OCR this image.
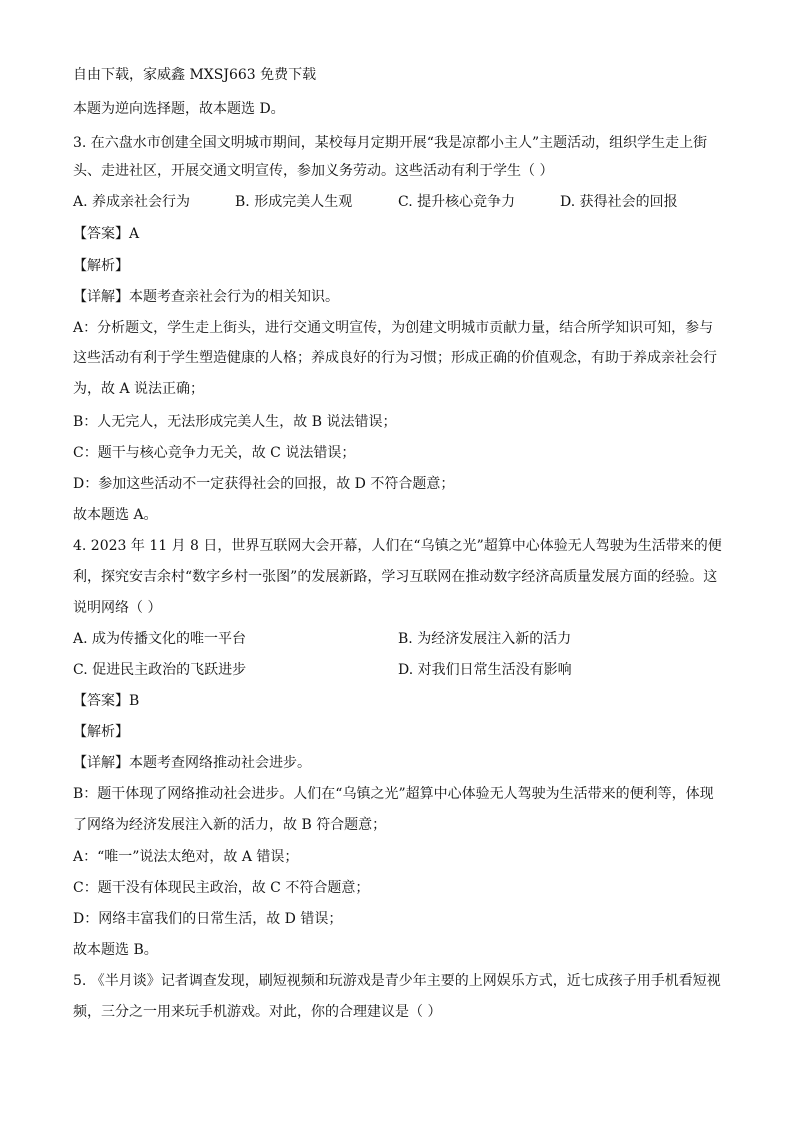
自由下载，家威鑫 MXSJ663 免费下载
本题为逆向选择题，故本题选 D。
3. 在六盘水市创建全国文明城市期间，某校每月定期开展“我是凉都小主人”主题活动，组织学生走上街
头、走进社区，开展交通文明宣传，参加义务劳动。这些活动有利于学生（ ）
A. 养成亲社会行为	B. 形成完美人生观	C. 提升核心竞争力	D. 获得社会的回报
【答案】A
【解析】
【详解】本题考查亲社会行为的相关知识。
A：分析题文，学生走上街头，进行交通文明宣传，为创建文明城市贡献力量，结合所学知识可知，参与
这些活动有利于学生塑造健康的人格；养成良好的行为习惯；形成正确的价值观念，有助于养成亲社会行
为，故 A 说法正确；
B：人无完人，无法形成完美人生，故 B 说法错误；
C：题干与核心竞争力无关，故 C 说法错误；
D：参加这些活动不一定获得社会的回报，故 D 不符合题意；
故本题选 A。
4. 2023 年 11 月 8 日，世界互联网大会开幕，人们在“乌镇之光”超算中心体验无人驾驶为生活带来的便
利，探究安吉余村“数字乡村一张图”的发展新路，学习互联网在推动数字经济高质量发展方面的经验。这
说明网络（ ）
A. 成为传播文化的唯一平台	B. 为经济发展注入新的活力
C. 促进民主政治的飞跃进步	D. 对我们日常生活没有影响
【答案】B
【解析】
【详解】本题考查网络推动社会进步。
B：题干体现了网络推动社会进步。人们在“乌镇之光”超算中心体验无人驾驶为生活带来的便利等，体现
了网络为经济发展注入新的活力，故 B 符合题意；
A：“唯一”说法太绝对，故 A 错误；
C：题干没有体现民主政治，故 C 不符合题意；
D：网络丰富我们的日常生活，故 D 错误；
故本题选 B。
5. 《半月谈》记者调查发现，刷短视频和玩游戏是青少年主要的上网娱乐方式，近七成孩子用手机看短视
频，三分之一用来玩手机游戏。对此，你的合理建议是（ ）
